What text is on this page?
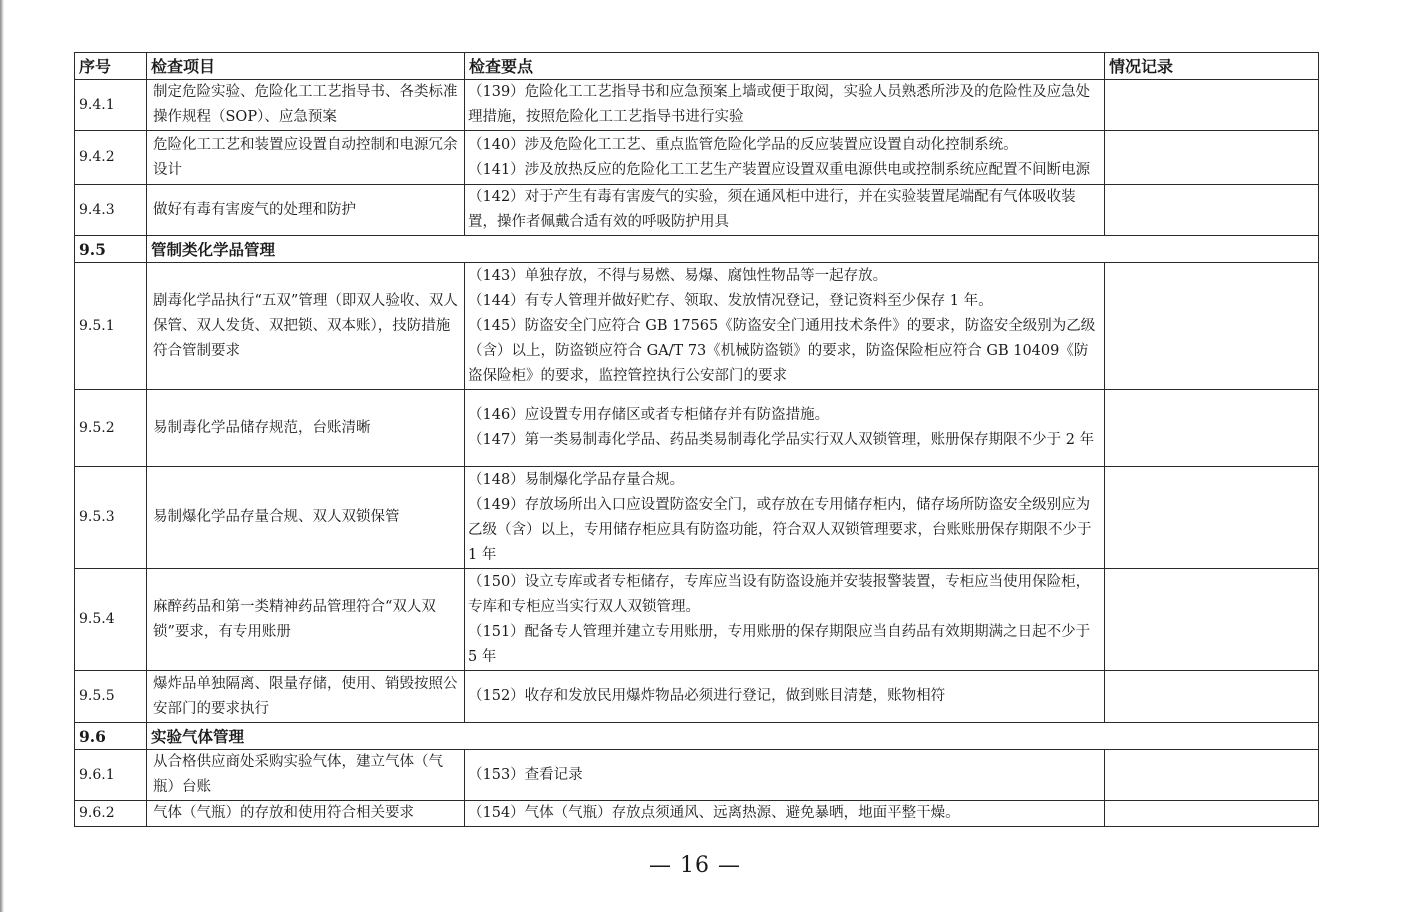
序号	检查项目	检查要点	情况记录
9.4.1	制定危险实验、危险化工工艺指导书、各类标准操作规程（SOP）、应急预案	（139）危险化工工艺指导书和应急预案上墙或便于取阅，实验人员熟悉所涉及的危险性及应急处理措施，按照危险化工工艺指导书进行实验	

9.4.2	危险化工工艺和装置应设置自动控制和电源冗余设计	（140）涉及危险化工工艺、重点监管危险化学品的反应装置应设置自动化控制系统。
（141）涉及放热反应的危险化工工艺生产装置应设置双重电源供电或控制系统应配置不间断电源	

9.4.3	做好有毒有害废气的处理和防护	（142）对于产生有毒有害废气的实验，须在通风柜中进行，并在实验装置尾端配有气体吸收装置，操作者佩戴合适有效的呼吸防护用具	

9.5	管制类化学品管理		
9.5.1	剧毒化学品执行“五双”管理（即双人验收、双人保管、双人发货、双把锁、双本账），技防措施符合管制要求	（143）单独存放，不得与易燃、易爆、腐蚀性物品等一起存放。
（144）有专人管理并做好贮存、领取、发放情况登记，登记资料至少保存 1 年。
（145）防盗安全门应符合 GB 17565《防盗安全门通用技术条件》的要求，防盗安全级别为乙级（含）以上，防盗锁应符合 GA/T 73《机械防盗锁》的要求，防盗保险柜应符合 GB 10409《防盗保险柜》的要求，监控管控执行公安部门的要求	

9.5.2	易制毒化学品储存规范，台账清晰	（146）应设置专用存储区或者专柜储存并有防盗措施。
（147）第一类易制毒化学品、药品类易制毒化学品实行双人双锁管理，账册保存期限不少于 2 年	

9.5.3	易制爆化学品存量合规、双人双锁保管	（148）易制爆化学品存量合规。
（149）存放场所出入口应设置防盗安全门，或存放在专用储存柜内，储存场所防盗安全级别应为乙级（含）以上，专用储存柜应具有防盗功能，符合双人双锁管理要求，台账账册保存期限不少于 1 年	

9.5.4	麻醉药品和第一类精神药品管理符合“双人双锁”要求，有专用账册	（150）设立专库或者专柜储存，专库应当设有防盗设施并安装报警装置，专柜应当使用保险柜，专库和专柜应当实行双人双锁管理。
（151）配备专人管理并建立专用账册，专用账册的保存期限应当自药品有效期期满之日起不少于 5 年	

9.5.5	爆炸品单独隔离、限量存储，使用、销毁按照公安部门的要求执行	（152）收存和发放民用爆炸物品必须进行登记，做到账目清楚，账物相符	

9.6	实验气体管理		
9.6.1	从合格供应商处采购实验气体，建立气体（气瓶）台账	（153）查看记录	

9.6.2	气体（气瓶）的存放和使用符合相关要求	（154）气体（气瓶）存放点须通风、远离热源、避免暴晒，地面平整干燥。	

— 16 —
